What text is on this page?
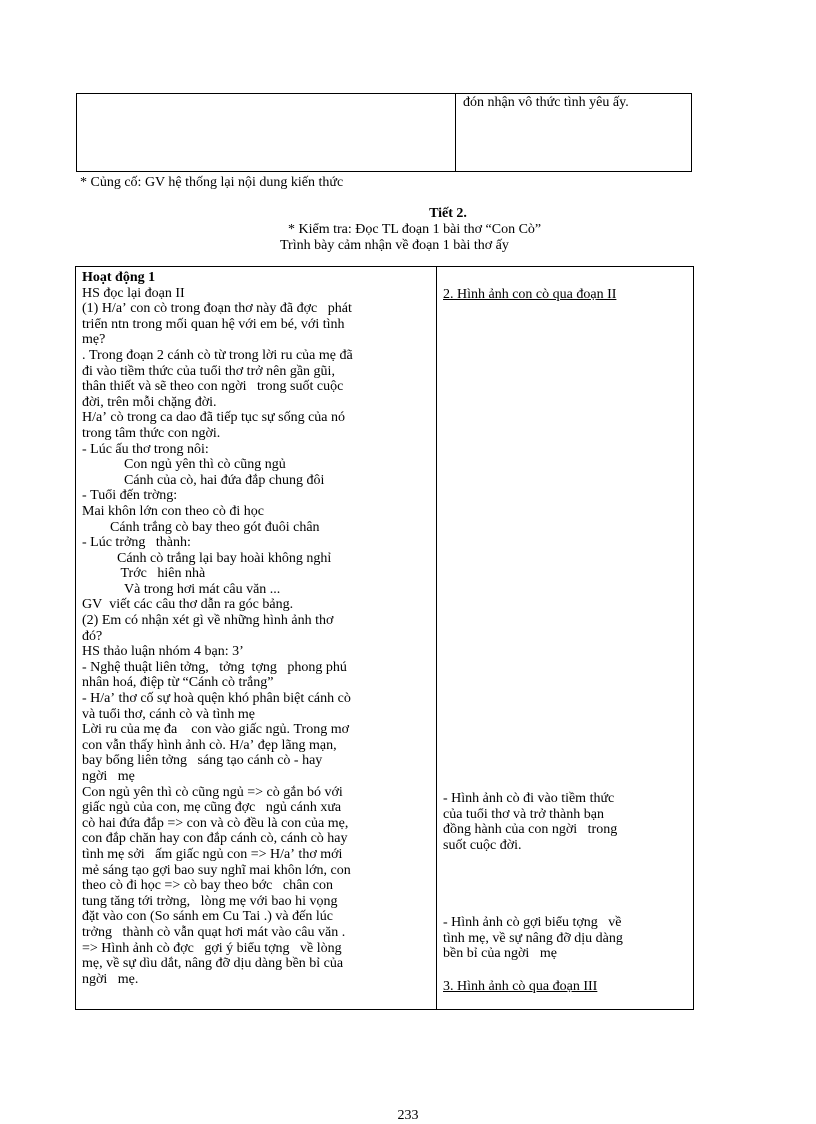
đón nhận vô thức tình yêu ấy.
* Củng cố: GV hệ thống lại nội dung kiến thức
Tiết 2.
* Kiểm tra: Đọc TL đoạn 1 bài thơ “Con Cò”
Trình bày cảm nhận về đoạn 1 bài thơ ấy
Hoạt động 1
HS đọc lại đoạn II
(1) H/a’ con cò trong đoạn thơ này đã đợc   phát
triển ntn trong mối quan hệ với em bé, với tình
mẹ?
. Trong đoạn 2 cánh cò từ trong lời ru của mẹ đã
đi vào tiềm thức của tuổi thơ trở nên gần gũi,
thân thiết và sẽ theo con ngời   trong suốt cuộc
đời, trên mỗi chặng đời.
H/a’ cò trong ca dao đã tiếp tục sự sống của nó
trong tâm thức con ngời.
- Lúc ấu thơ trong nôi:
Con ngủ yên thì cò cũng ngủ
Cánh của cò, hai đứa đắp chung đôi
- Tuổi đến trờng:
Mai khôn lớn con theo cò đi học
Cánh trắng cò bay theo gót đuôi chân
- Lúc trởng   thành:
Cánh cò trắng lại bay hoài không nghỉ
Trớc   hiên nhà
Và trong hơi mát câu văn ...
GV  viết các câu thơ dẫn ra góc bảng.
(2) Em có nhận xét gì về những hình ảnh thơ
đó?
HS thảo luận nhóm 4 bạn: 3’
- Nghệ thuật liên tởng,   tởng  tợng   phong phú
nhân hoá, điệp từ “Cánh cò trắng”
- H/a’ thơ cố sự hoà quện khó phân biệt cánh cò
và tuổi thơ, cánh cò và tình mẹ
Lời ru của mẹ đa    con vào giấc ngủ. Trong mơ
con vẫn thấy hình ảnh cò. H/a’ đẹp lãng mạn,
bay bổng liên tởng   sáng tạo cánh cò - hay
ngời   mẹ
Con ngủ yên thì cò cũng ngủ => cò gắn bó với
giấc ngủ của con, mẹ cũng đợc   ngủ cánh xưa
cò hai đứa đắp => con và cò đều là con của mẹ,
con đắp chăn hay con đắp cánh cò, cánh cò hay
tình mẹ sởi   ấm giấc ngủ con => H/a’ thơ mới
mẻ sáng tạo gợi bao suy nghĩ mai khôn lớn, con
theo cò đi học => cò bay theo bớc   chân con
tung tăng tới trờng,   lòng mẹ với bao hi vọng
đặt vào con (So sánh em Cu Tai .) và đến lúc
trởng   thành cò vẫn quạt hơi mát vào câu văn .
=> Hình ảnh cò đợc   gợi ý biểu tợng   về lòng
mẹ, về sự dìu dắt, nâng đỡ dịu dàng bền bỉ của
ngời   mẹ.
2. Hình ảnh con cò qua đoạn II
- Hình ảnh cò đi vào tiềm thức
của tuổi thơ và trở thành bạn
đồng hành của con ngời   trong
suốt cuộc đời.
- Hình ảnh cò gợi biểu tợng   về
tình mẹ, về sự nâng đỡ dịu dàng
bền bỉ của ngời   mẹ
3. Hình ảnh cò qua đoạn III
233
